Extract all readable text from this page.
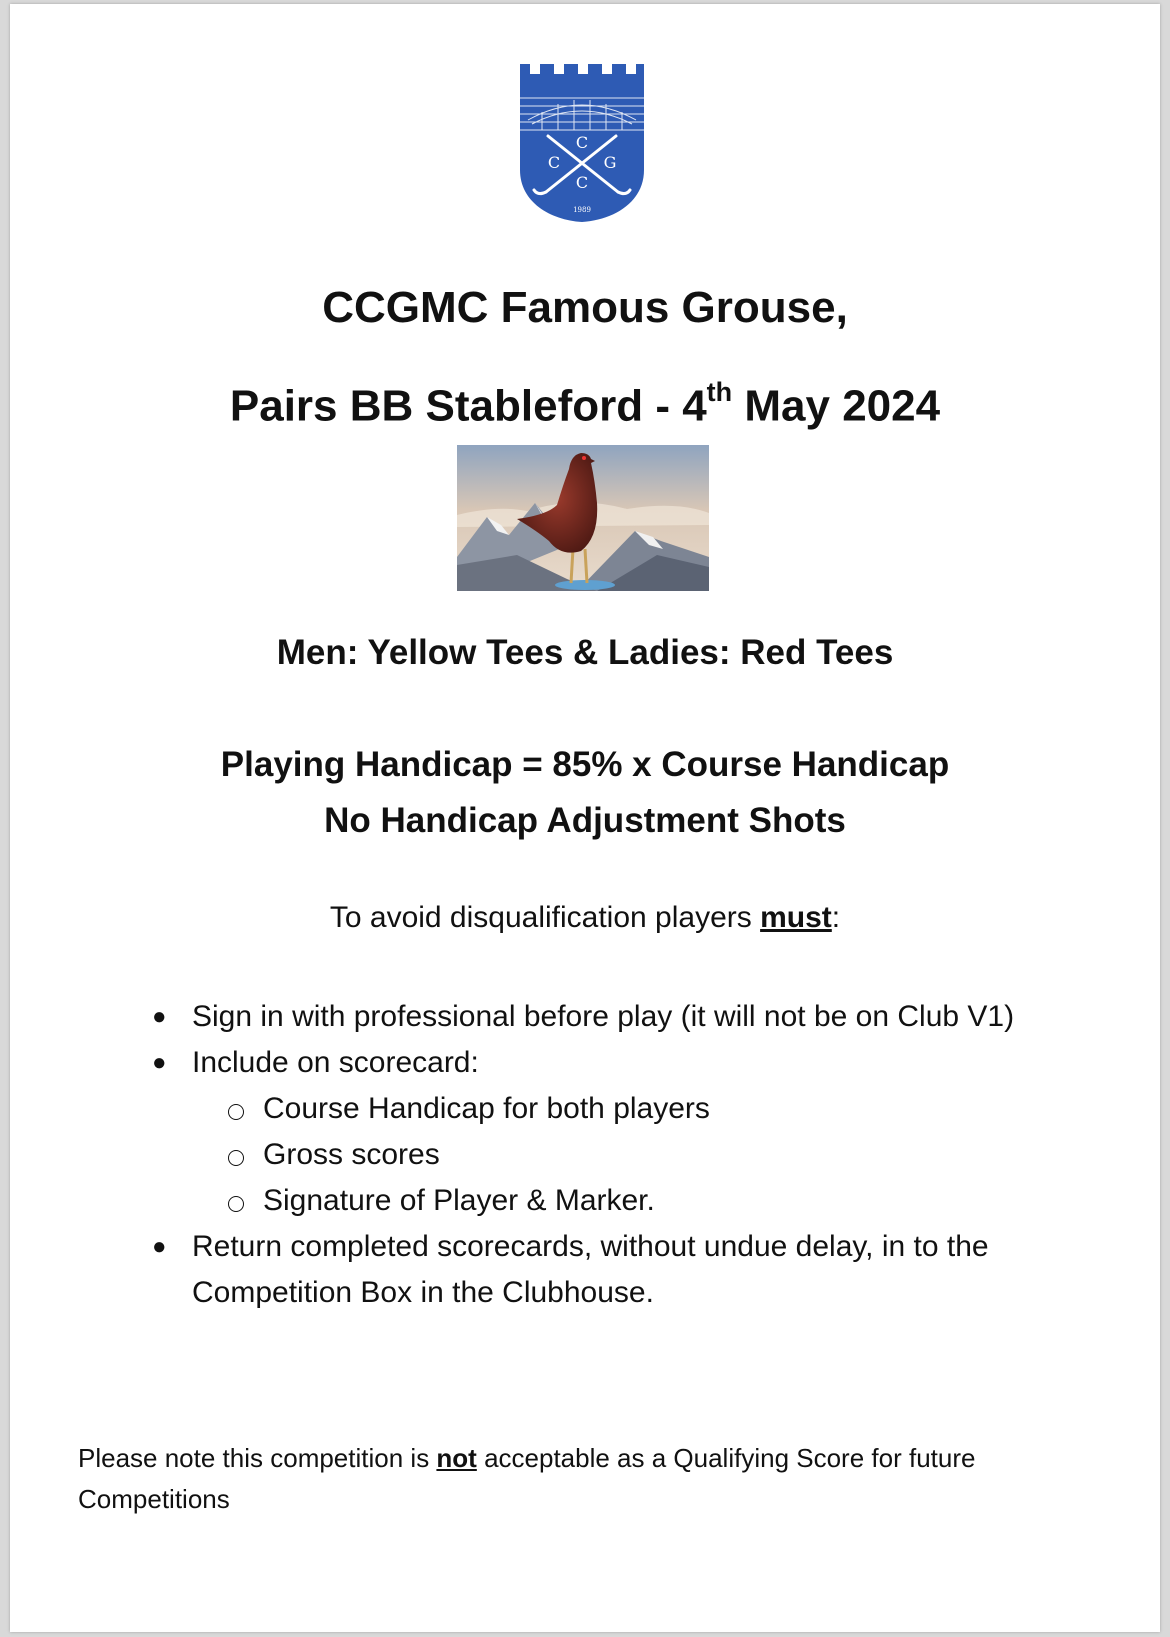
C
C	G
C
1989
CCGMC Famous Grouse,
Pairs BB Stableford - 4th May 2024
Men: Yellow Tees & Ladies: Red Tees
Playing Handicap = 85% x Course Handicap
No Handicap Adjustment Shots
To avoid disqualification players must:
● Sign in with professional before play (it will not be on Club V1)
● Include on scorecard:
Course Handicap for both players
Gross scores
Signature of Player & Marker.
● Return completed scorecards, without undue delay, in to the Competition Box in the Clubhouse.
Please note this competition is not acceptable as a Qualifying Score for future Competitions
